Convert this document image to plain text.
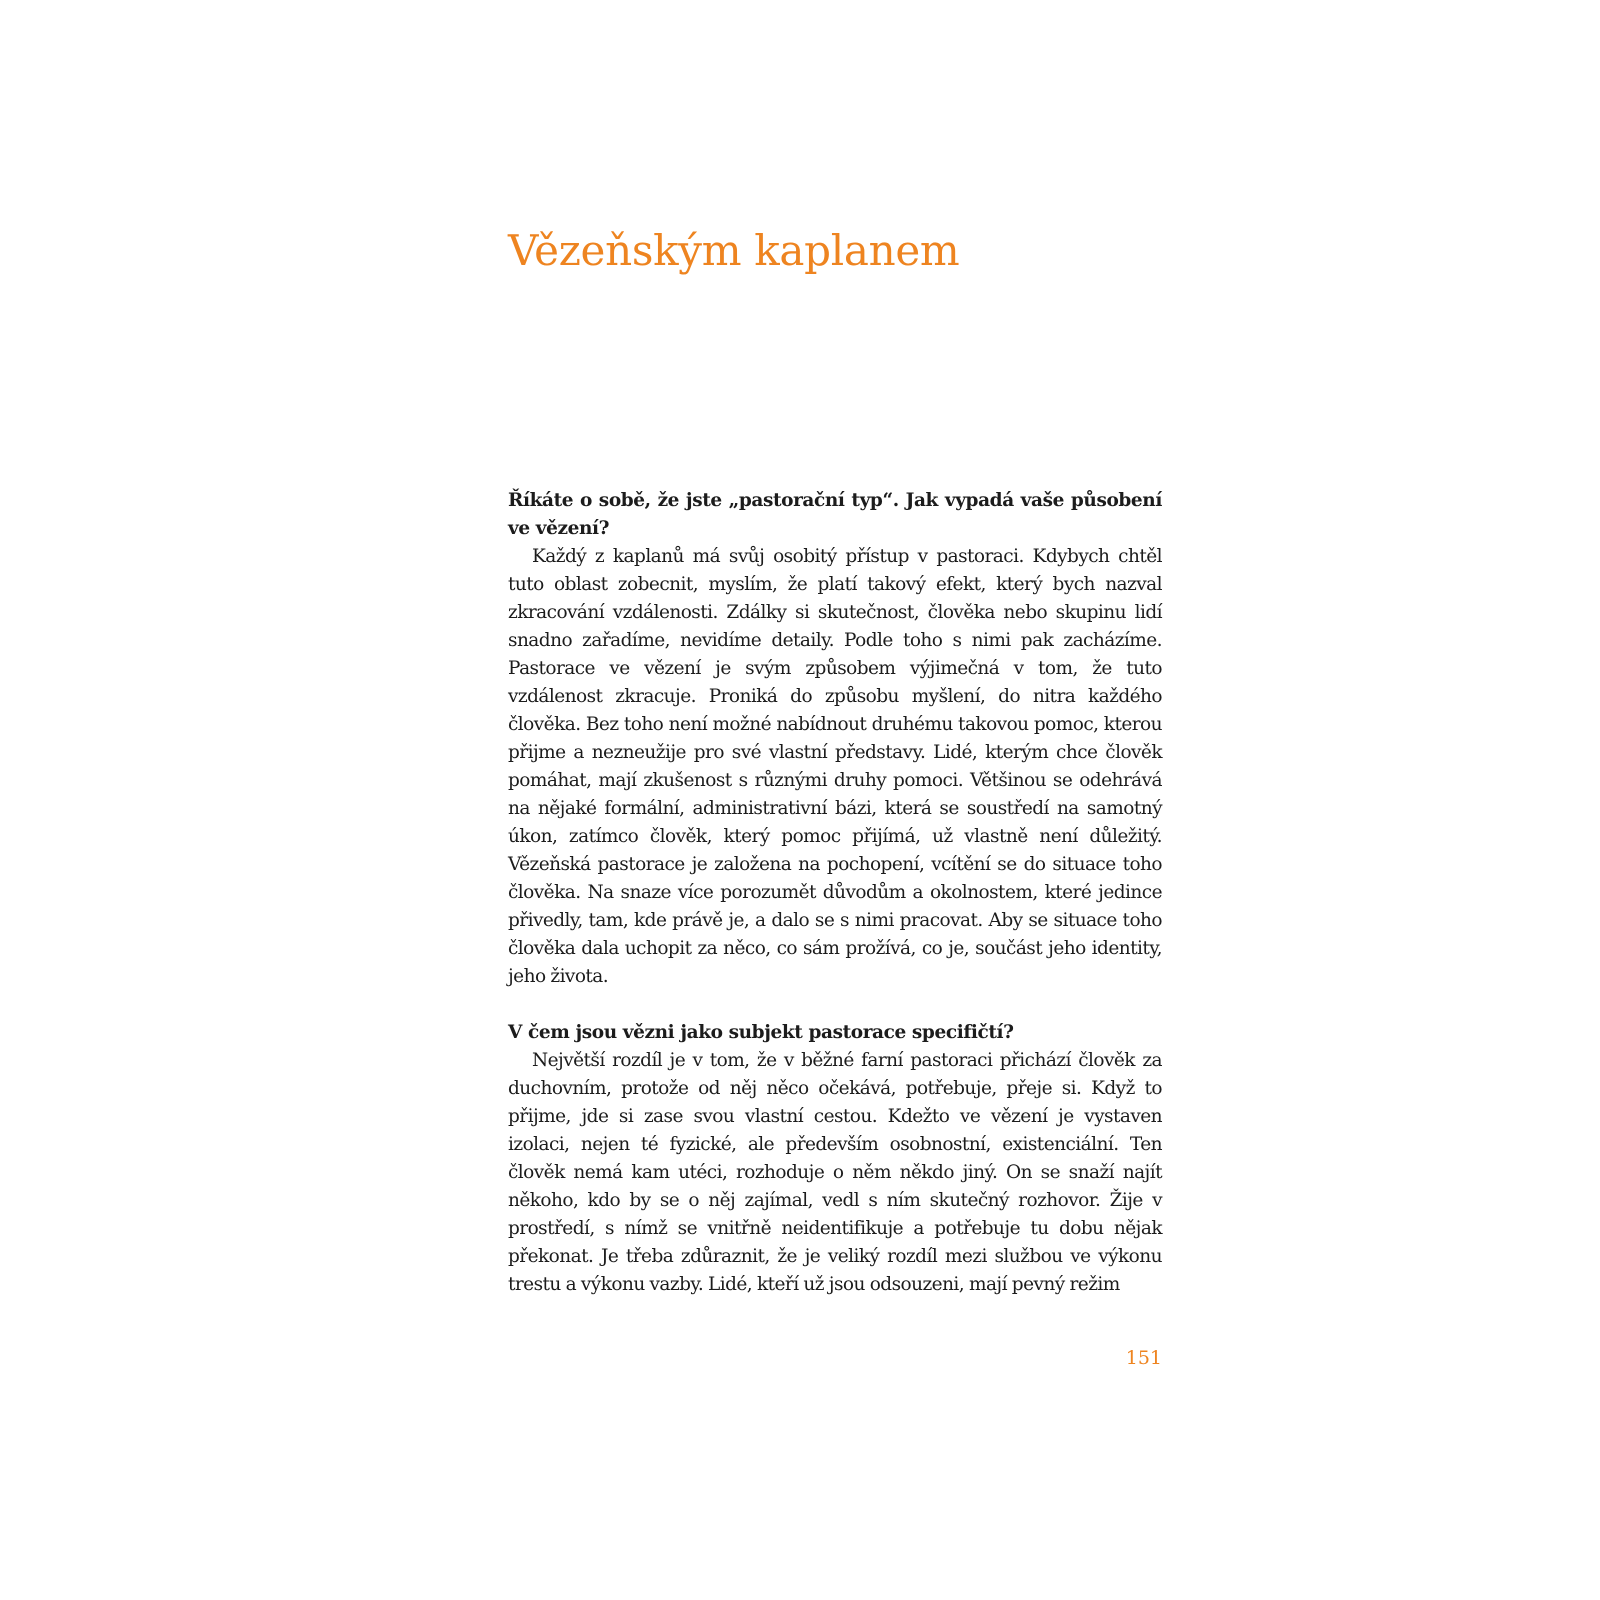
Vězeňským kaplanem

Říkáte o sobě, že jste „pastorační typ“. Jak vypadá vaše působení ve vězení?

Každý z kaplanů má svůj osobitý přístup v pastoraci. Kdybych chtěl tuto oblast zobecnit, myslím, že platí takový efekt, který bych nazval zkracování vzdálenosti. Zdálky si skutečnost, člověka nebo skupinu lidí snadno zařadíme, nevidíme detaily. Podle toho s nimi pak zacházíme. Pastorace ve vězení je svým způsobem výjimečná v tom, že tuto vzdálenost zkracuje. Proniká do způsobu myšlení, do nitra každého člověka. Bez toho není možné nabídnout druhému takovou pomoc, kterou přijme a nezneužije pro své vlastní představy. Lidé, kterým chce člověk pomáhat, mají zkušenost s různými druhy pomoci. Většinou se odehrává na nějaké formální, administrativní bázi, která se soustředí na samotný úkon, zatímco člověk, který pomoc přijímá, už vlastně není důležitý. Vězeňská pastorace je založena na pochopení, vcítění se do situace toho člověka. Na snaze více porozumět důvodům a okolnostem, které jedince přivedly, tam, kde právě je, a dalo se s nimi pracovat. Aby se situace toho člověka dala uchopit za něco, co sám prožívá, co je, součást jeho identity, jeho života.

V čem jsou vězni jako subjekt pastorace specifičtí?

Největší rozdíl je v tom, že v běžné farní pastoraci přichází člověk za duchovním, protože od něj něco očekává, potřebuje, přeje si. Když to přijme, jde si zase svou vlastní cestou. Kdežto ve vězení je vystaven izolaci, nejen té fyzické, ale především osobnostní, existenciální. Ten člověk nemá kam utéci, rozhoduje o něm někdo jiný. On se snaží najít někoho, kdo by se o něj zajímal, vedl s ním skutečný rozhovor. Žije v prostředí, s nímž se vnitřně neidentifikuje a potřebuje tu dobu nějak překonat. Je třeba zdůraznit, že je veliký rozdíl mezi službou ve výkonu trestu a výkonu vazby. Lidé, kteří už jsou odsouzeni, mají pevný režim

151
